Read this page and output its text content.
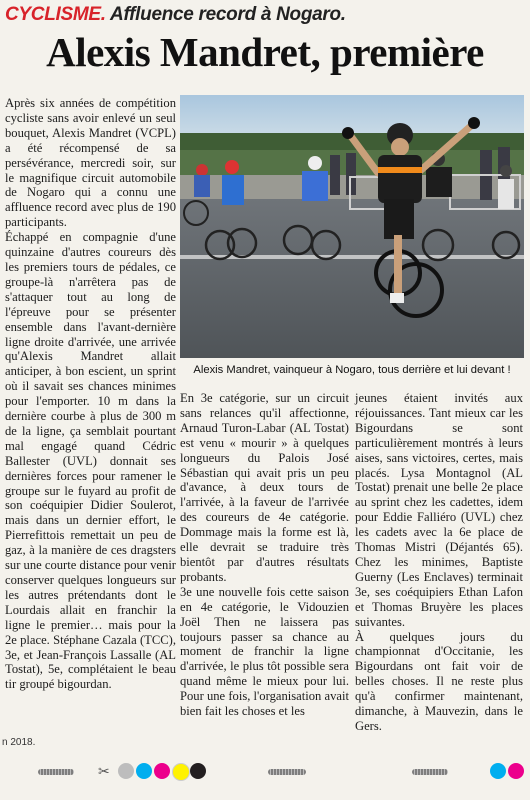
CYCLISME. Affluence record à Nogaro.
Alexis Mandret, première

Après six années de compétition cycliste sans avoir enlevé un seul bouquet, Alexis Mandret (VCPL) a été récompensé de sa persévérance, mercredi soir, sur le magnifique circuit automobile de Nogaro qui a connu une affluence record avec plus de 190 participants.

Échappé en compagnie d'une quinzaine d'autres coureurs dès les premiers tours de pédales, ce groupe-là n'arrêtera pas de s'attaquer tout au long de l'épreuve pour se présenter ensemble dans l'avant-dernière ligne droite d'arrivée, une arrivée qu'Alexis Mandret allait anticiper, à bon escient, un sprint où il savait ses chances minimes pour l'emporter. 10 m dans la dernière courbe à plus de 300 m de la ligne, ça semblait pourtant mal engagé quand Cédric Ballester (UVL) donnait ses dernières forces pour ramener le groupe sur le fuyard au profit de son coéquipier Didier Soulerot, mais dans un dernier effort, le Pierrefittois remettait un peu de gaz, à la manière de ces dragsters sur une courte distance pour venir conserver quelques longueurs sur les autres prétendants dont le Lourdais allait en franchir la ligne le premier… mais pour la 2e place. Stéphane Cazala (TCC), 3e, et Jean-François Lassalle (AL Tostat), 5e, complétaient le beau tir groupé bigourdan.

Alexis Mandret, vainqueur à Nogaro, tous derrière et lui devant !

En 3e catégorie, sur un circuit sans relances qu'il affectionne, Arnaud Turon-Labar (AL Tostat) est venu « mourir » à quelques longueurs du Palois José Sébastian qui avait pris un peu d'avance, à deux tours de l'arrivée, à la faveur de l'arrivée des coureurs de 4e catégorie. Dommage mais la forme est là, elle devrait se traduire très bientôt par d'autres résultats probants.

3e une nouvelle fois cette saison en 4e catégorie, le Vidouzien Joël Then ne laissera pas toujours passer sa chance au moment de franchir la ligne d'arrivée, le plus tôt possible sera quand même le mieux pour lui. Pour une fois, l'organisation avait bien fait les choses et les

jeunes étaient invités aux réjouissances. Tant mieux car les Bigourdans se sont particulièrement montrés à leurs aises, sans victoires, certes, mais placés. Lysa Montagnol (AL Tostat) prenait une belle 2e place au sprint chez les cadettes, idem pour Eddie Falliéro (UVL) chez les cadets avec la 6e place de Thomas Mistri (Déjantés 65). Chez les minimes, Baptiste Guerny (Les Enclaves) terminait 3e, ses coéquipiers Ethan Lafon et Thomas Bruyère les places suivantes.

À quelques jours du championnat d'Occitanie, les Bigourdans ont fait voir de belles choses. Il ne reste plus qu'à confirmer maintenant, dimanche, à Mauvezin, dans le Gers.

n 2018.
✂
